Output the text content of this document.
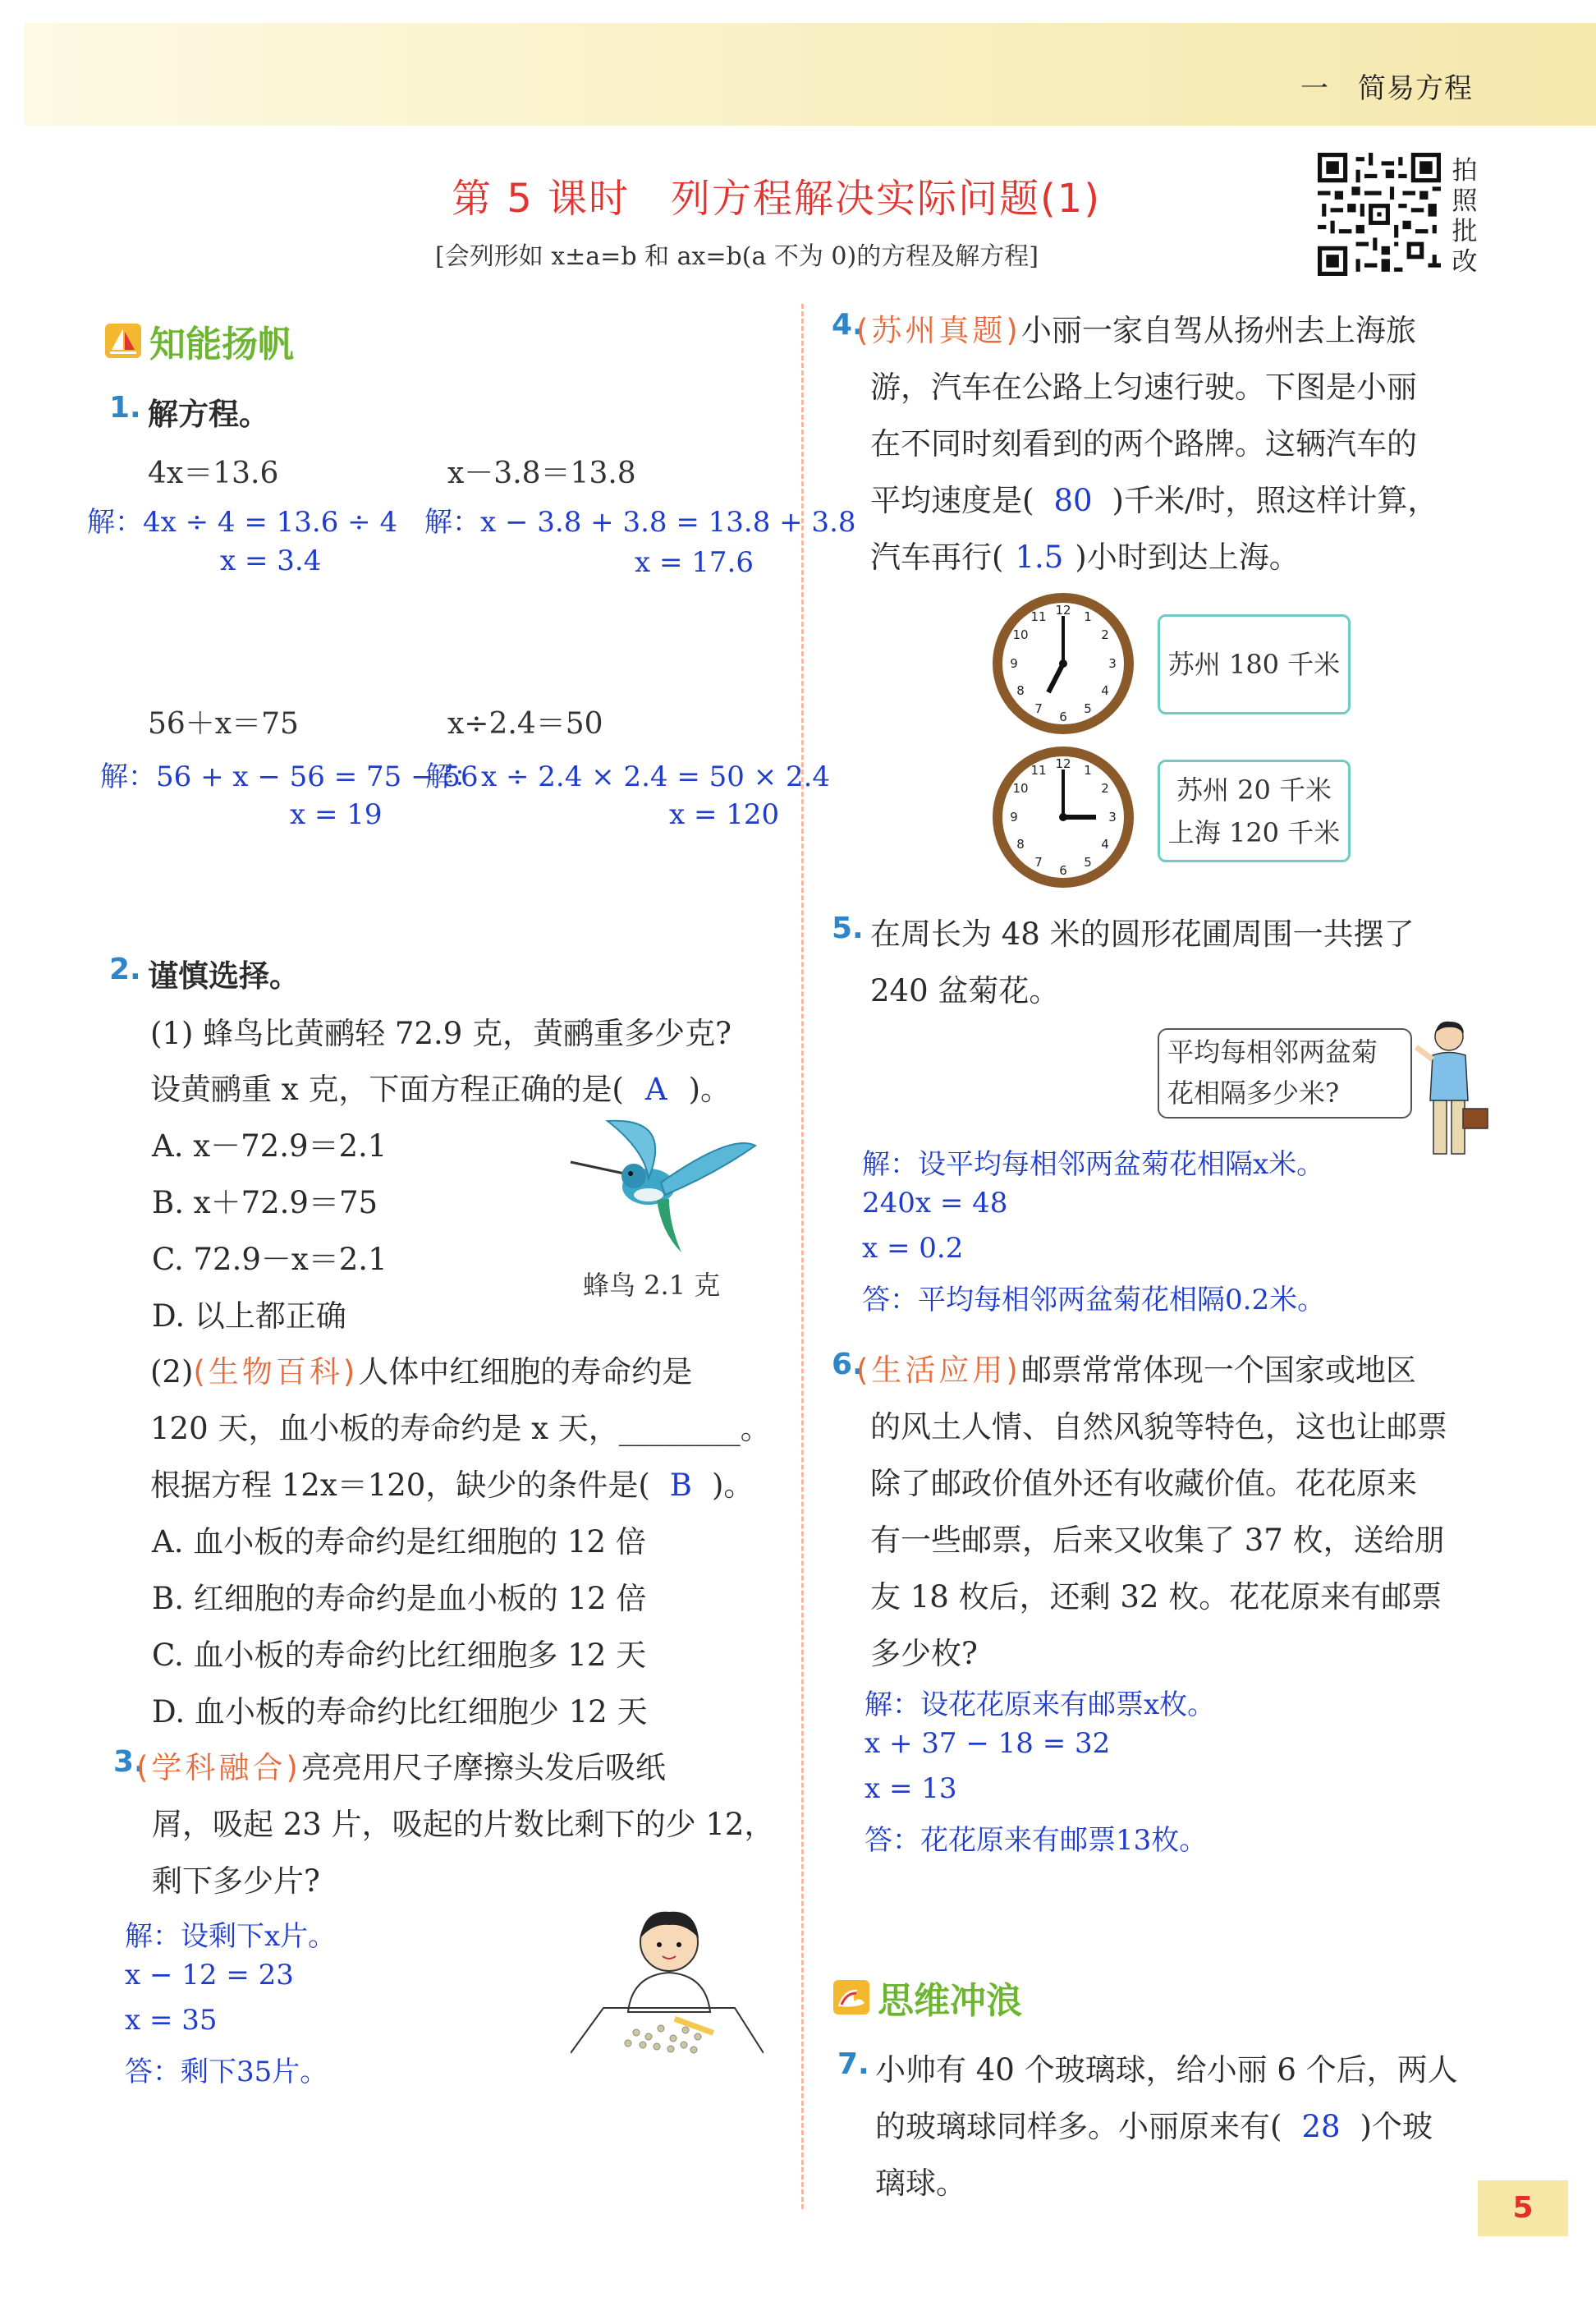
一　简易方程
第 5 课时　列方程解决实际问题(1)
[会列形如 x±a=b 和 ax=b(a 不为 0)的方程及解方程]
拍
照
批
改
知能扬帆
1. 解方程。
4x＝13.6	x－3.8＝13.8
解：4x ÷ 4 = 13.6 ÷ 4
x = 3.4
解：x − 3.8 + 3.8 = 13.8 + 3.8
x = 17.6
56＋x＝75	x÷2.4＝50
解：56 + x − 56 = 75 − 56
x = 19
解：x ÷ 2.4 × 2.4 = 50 × 2.4
x = 120
2. 谨慎选择。
(1) 蜂鸟比黄鹂轻 72.9 克，黄鹂重多少克?
设黄鹂重 x 克，下面方程正确的是( A )。
A. x－72.9＝2.1
B. x＋72.9＝75
C. 72.9－x＝2.1
D. 以上都正确
蜂鸟 2.1 克
(2)(生物百科)人体中红细胞的寿命约是
120 天，血小板的寿命约是 x 天，________。
根据方程 12x＝120，缺少的条件是( B )。
A. 血小板的寿命约是红细胞的 12 倍
B. 红细胞的寿命约是血小板的 12 倍
C. 血小板的寿命约比红细胞多 12 天
D. 血小板的寿命约比红细胞少 12 天
3.
(学科融合)亮亮用尺子摩擦头发后吸纸
屑，吸起 23 片，吸起的片数比剩下的少 12，
剩下多少片?
解：设剩下x片。
x − 12 = 23
x = 35
答：剩下35片。
4.
(苏州真题)小丽一家自驾从扬州去上海旅
游，汽车在公路上匀速行驶。下图是小丽
在不同时刻看到的两个路牌。这辆汽车的
平均速度是( 80 )千米/时，照这样计算，
汽车再行( 1.5 )小时到达上海。
12 1
2
3
4
5
6
7
8
9
10
11
12 1
2
3
4
5
6
7
8
9
10
11
苏州 180 千米
苏州 20 千米
上海 120 千米
5. 在周长为 48 米的圆形花圃周围一共摆了
240 盆菊花。
平均每相邻两盆菊
花相隔多少米?
解：设平均每相邻两盆菊花相隔x米。
240x = 48
x = 0.2
答：平均每相邻两盆菊花相隔0.2米。
6.
(生活应用)邮票常常体现一个国家或地区
的风土人情、自然风貌等特色，这也让邮票
除了邮政价值外还有收藏价值。花花原来
有一些邮票，后来又收集了 37 枚，送给朋
友 18 枚后，还剩 32 枚。花花原来有邮票
多少枚?
解：设花花原来有邮票x枚。
x + 37 − 18 = 32
x = 13
答：花花原来有邮票13枚。
思维冲浪
7. 小帅有 40 个玻璃球，给小丽 6 个后，两人
的玻璃球同样多。小丽原来有( 28 )个玻
璃球。
5
